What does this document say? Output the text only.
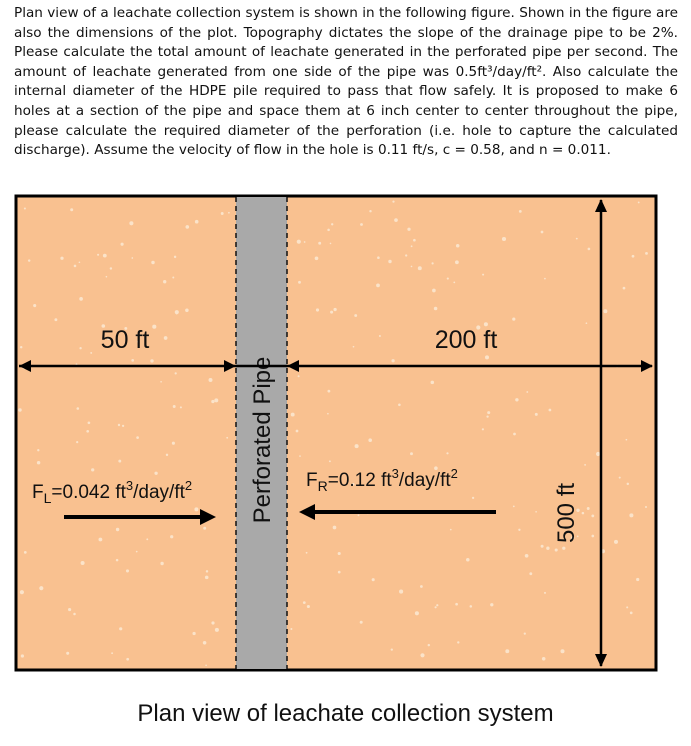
Plan view of a leachate collection system is shown in the following figure. Shown in the figure are also the dimensions of the plot. Topography dictates the slope of the drainage pipe to be 2%. Please calculate the total amount of leachate generated in the perforated pipe per second. The amount of leachate generated from one side of the pipe was 0.5ft³/day/ft². Also calculate the internal diameter of the HDPE pile required to pass that flow safely. It is proposed to make 6 holes at a section of the pipe and space them at 6 inch center to center throughout the pipe, please calculate the required diameter of the perforation (i.e. hole to capture the calculated discharge). Assume the velocity of flow in the hole is 0.11 ft/s, c = 0.58, and n = 0.011.
Perforated Pipe
50 ft	200 ft
500 ft
$F_L=0.042$ $ft^3/day/ft^2$	$F_R=0.12$ $ft^3/day/ft^2$
Plan view of leachate collection system
